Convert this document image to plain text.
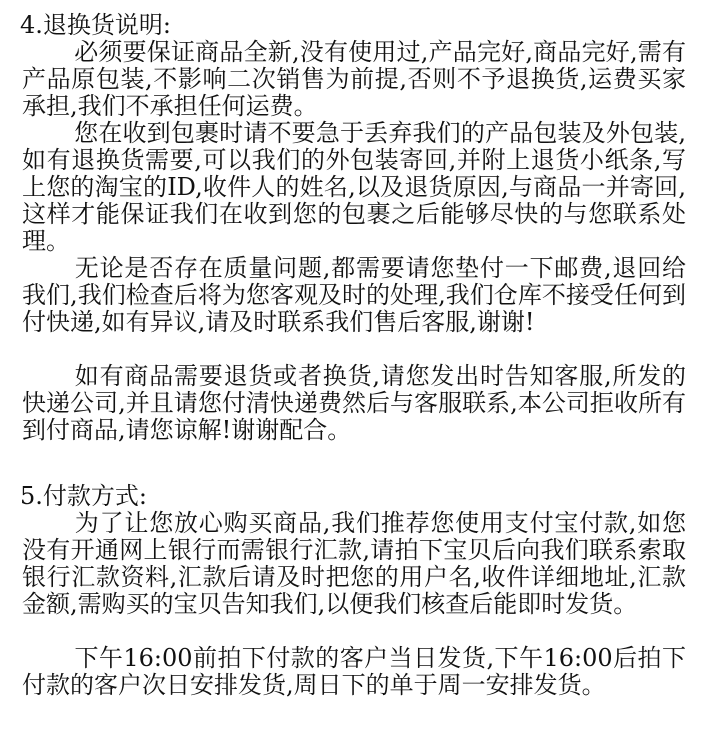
4.退换货说明:
必须要保证商品全新,没有使用过,产品完好,商品完好,需有产品原包装,不影响二次销售为前提,否则不予退换货,运费买家承担,我们不承担任何运费。
您在收到包裹时请不要急于丢弃我们的产品包装及外包装,如有退换货需要,可以我们的外包装寄回,并附上退货小纸条,写上您的淘宝的ID,收件人的姓名,以及退货原因,与商品一并寄回,这样才能保证我们在收到您的包裹之后能够尽快的与您联系处理。
无论是否存在质量问题,都需要请您垫付一下邮费,退回给我们,我们检查后将为您客观及时的处理,我们仓库不接受任何到付快递,如有异议,请及时联系我们售后客服,谢谢!
如有商品需要退货或者换货,请您发出时告知客服,所发的快递公司,并且请您付清快递费然后与客服联系,本公司拒收所有到付商品,请您谅解!谢谢配合。
5.付款方式:
为了让您放心购买商品,我们推荐您使用支付宝付款,如您没有开通网上银行而需银行汇款,请拍下宝贝后向我们联系索取银行汇款资料,汇款后请及时把您的用户名,收件详细地址,汇款金额,需购买的宝贝告知我们,以便我们核查后能即时发货。
下午16:00前拍下付款的客户当日发货,下午16:00后拍下付款的客户次日安排发货,周日下的单于周一安排发货。
